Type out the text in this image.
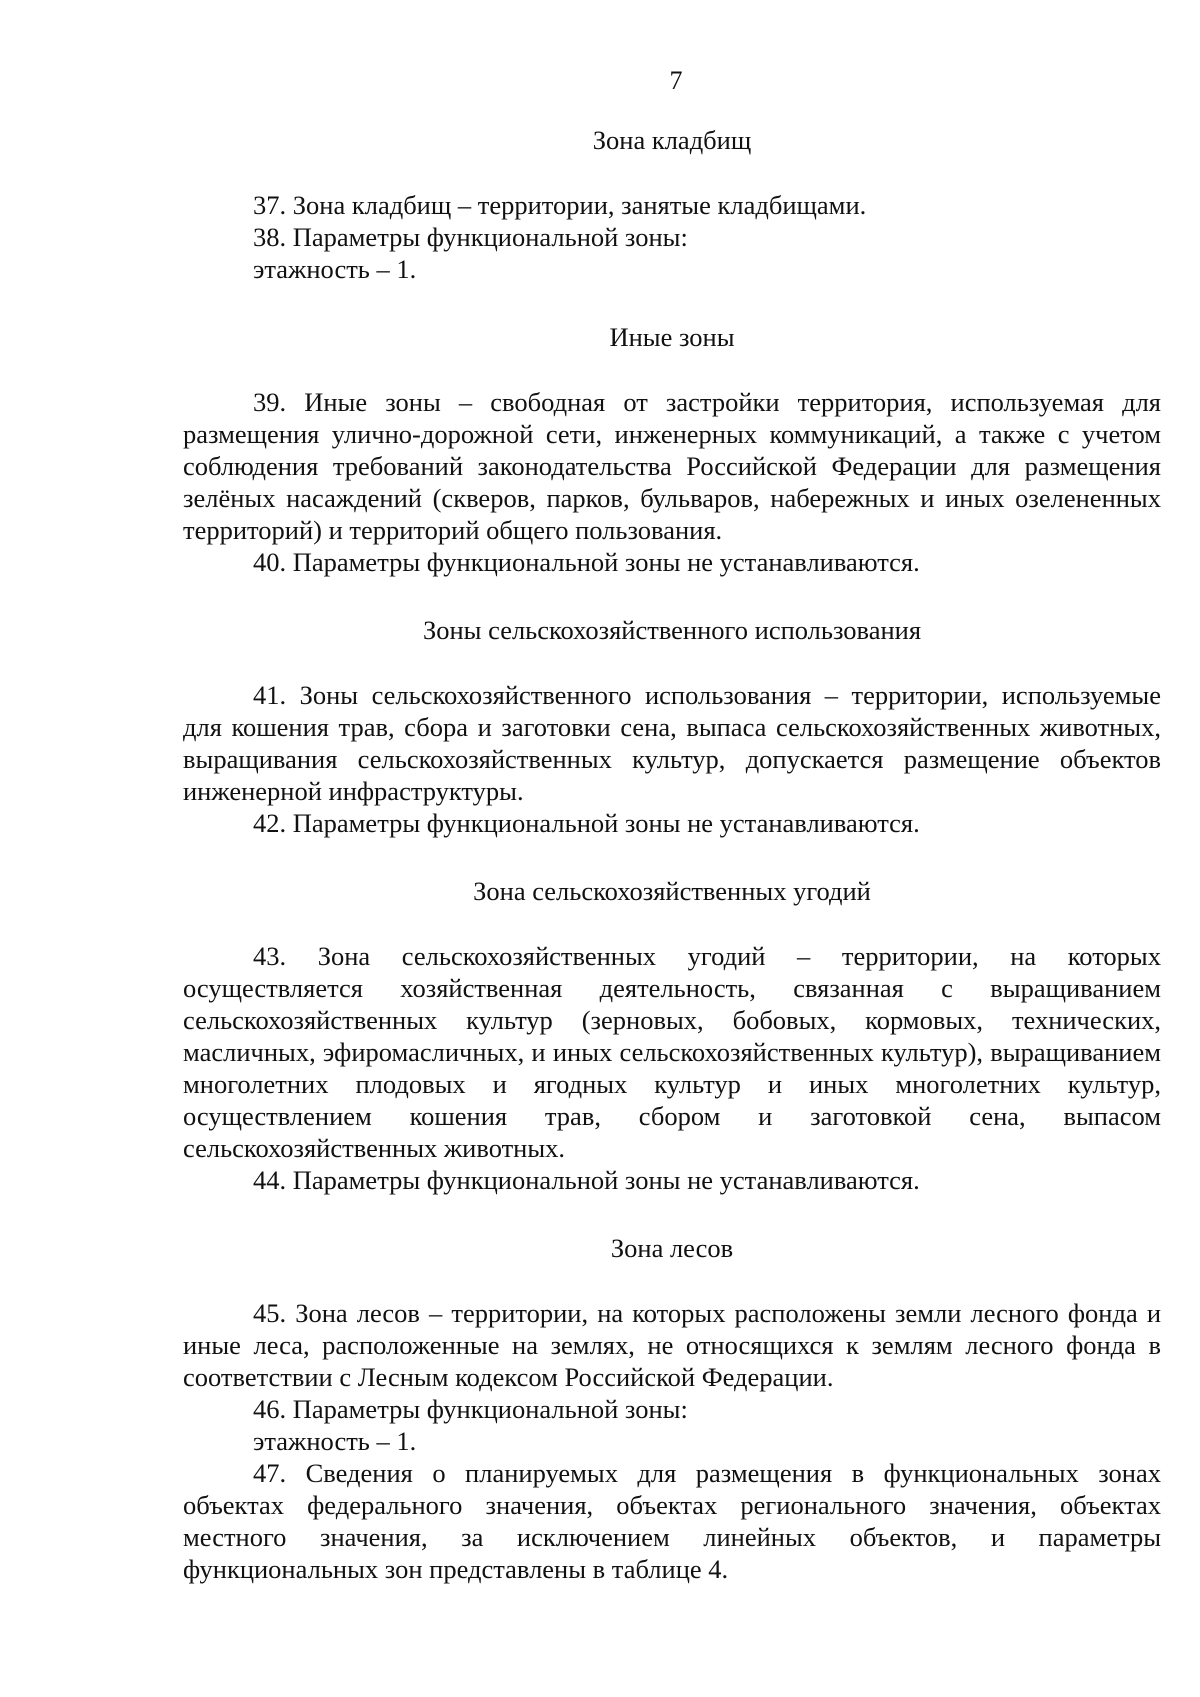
7
Зона кладбищ

37. Зона кладбищ – территории, занятые кладбищами.

38. Параметры функциональной зоны:

этажность – 1.

Иные зоны

39. Иные зоны – свободная от застройки территория, используемая для размещения улично-дорожной сети, инженерных коммуникаций, а также с учетом соблюдения требований законодательства Российской Федерации для размещения зелёных насаждений (скверов, парков, бульваров, набережных и иных озелененных территорий) и территорий общего пользования.

40. Параметры функциональной зоны не устанавливаются.

Зоны сельскохозяйственного использования

41. Зоны сельскохозяйственного использования – территории, используемые для кошения трав, сбора и заготовки сена, выпаса сельскохозяйственных животных, выращивания сельскохозяйственных культур, допускается размещение объектов инженерной инфраструктуры.

42. Параметры функциональной зоны не устанавливаются.

Зона сельскохозяйственных угодий

43. Зона сельскохозяйственных угодий – территории, на которых осуществляется хозяйственная деятельность, связанная с выращиванием сельскохозяйственных культур (зерновых, бобовых, кормовых, технических, масличных, эфиромасличных, и иных сельскохозяйственных культур), выращиванием многолетних плодовых и ягодных культур и иных многолетних культур, осуществлением кошения трав, сбором и заготовкой сена, выпасом сельскохозяйственных животных.

44. Параметры функциональной зоны не устанавливаются.

Зона лесов

45. Зона лесов – территории, на которых расположены земли лесного фонда и иные леса, расположенные на землях, не относящихся к землям лесного фонда в соответствии с Лесным кодексом Российской Федерации.

46. Параметры функциональной зоны:

этажность – 1.

47. Сведения о планируемых для размещения в функциональных зонах объектах федерального значения, объектах регионального значения, объектах местного значения, за исключением линейных объектов, и параметры функциональных зон представлены в таблице 4.
